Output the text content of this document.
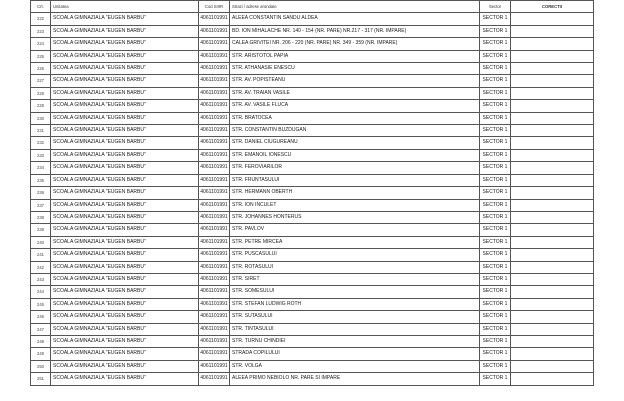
Crt.	Unitatea	Cod SIIIR	Strazi / adrese arondate	Sector	CORECTII
222	SCOALA GIMNAZIALA "EUGEN BARBU"	4061101991	ALEEA CONSTANTIN SANDU ALDEA	SECTOR 1	
223	SCOALA GIMNAZIALA "EUGEN BARBU"	4061101991	BD. ION MIHALACHE NR. 140 - 154 (NR. PARE) NR.217 - 317 (NR. IMPARE)	SECTOR 1	
224	SCOALA GIMNAZIALA "EUGEN BARBU"	4061101991	CALEA GRIVITEI NR. 206 - 220 (NR. PARE) NR. 349 - 359 (NR. IMPARE)	SECTOR 1	
225	SCOALA GIMNAZIALA "EUGEN BARBU"	4061101991	STR. ARISTOTOL PAPIA	SECTOR 1	
226	SCOALA GIMNAZIALA "EUGEN BARBU"	4061101991	STR. ATHANASIE ENESCU	SECTOR 1	
227	SCOALA GIMNAZIALA "EUGEN BARBU"	4061101991	STR. AV. POPISTEANU	SECTOR 1	
228	SCOALA GIMNAZIALA "EUGEN BARBU"	4061101991	STR. AV. TRAIAN VASILE	SECTOR 1	
229	SCOALA GIMNAZIALA "EUGEN BARBU"	4061101991	STR. AV. VASILE FLUCA	SECTOR 1	
230	SCOALA GIMNAZIALA "EUGEN BARBU"	4061101991	STR. BRATOCEA	SECTOR 1	
231	SCOALA GIMNAZIALA "EUGEN BARBU"	4061101991	STR. CONSTANTIN BUZDUGAN	SECTOR 1	
232	SCOALA GIMNAZIALA "EUGEN BARBU"	4061101991	STR. DANIEL CIUGUREANU	SECTOR 1	
233	SCOALA GIMNAZIALA "EUGEN BARBU"	4061101991	STR. EMANOIL IONESCU	SECTOR 1	
234	SCOALA GIMNAZIALA "EUGEN BARBU"	4061101991	STR. FEROVIARILOR	SECTOR 1	
235	SCOALA GIMNAZIALA "EUGEN BARBU"	4061101991	STR. FRUNTASULUI	SECTOR 1	
236	SCOALA GIMNAZIALA "EUGEN BARBU"	4061101991	STR. HERMANN OBERTH	SECTOR 1	
237	SCOALA GIMNAZIALA "EUGEN BARBU"	4061101991	STR. ION INCULET	SECTOR 1	
238	SCOALA GIMNAZIALA "EUGEN BARBU"	4061101991	STR. JOHANNES HONTERUS	SECTOR 1	
239	SCOALA GIMNAZIALA "EUGEN BARBU"	4061101991	STR. PAVLOV	SECTOR 1	
240	SCOALA GIMNAZIALA "EUGEN BARBU"	4061101991	STR. PETRE MIRCEA	SECTOR 1	
241	SCOALA GIMNAZIALA "EUGEN BARBU"	4061101991	STR. PUSCASULUI	SECTOR 1	
242	SCOALA GIMNAZIALA "EUGEN BARBU"	4061101991	STR. ROTASULUI	SECTOR 1	
243	SCOALA GIMNAZIALA "EUGEN BARBU"	4061101991	STR. SIRET	SECTOR 1	
244	SCOALA GIMNAZIALA "EUGEN BARBU"	4061101991	STR. SOMESULUI	SECTOR 1	
245	SCOALA GIMNAZIALA "EUGEN BARBU"	4061101991	STR. STEFAN LUDWIG ROTH	SECTOR 1	
246	SCOALA GIMNAZIALA "EUGEN BARBU"	4061101991	STR. SUTASULUI	SECTOR 1	
247	SCOALA GIMNAZIALA "EUGEN BARBU"	4061101991	STR. TINTASULUI	SECTOR 1	
248	SCOALA GIMNAZIALA "EUGEN BARBU"	4061101991	STR. TURNU CHINDIEI	SECTOR 1	
249	SCOALA GIMNAZIALA "EUGEN BARBU"	4061101991	STRADA COPILULUI	SECTOR 1	
250	SCOALA GIMNAZIALA "EUGEN BARBU"	4061101991	STR. VOLGA	SECTOR 1	
251	SCOALA GIMNAZIALA "EUGEN BARBU"	4061101991	ALEEA PRIMO NEBIOLO NR. PARE SI IMPARE	SECTOR 1	
